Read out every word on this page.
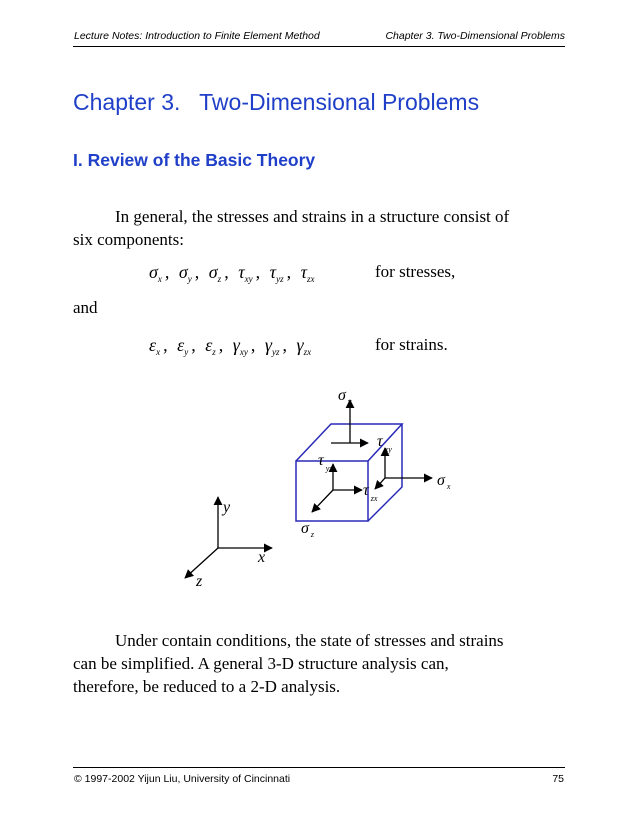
Lecture Notes: Introduction to Finite Element Method	Chapter 3. Two-Dimensional Problems
Chapter 3.   Two-Dimensional Problems
I. Review of the Basic Theory
In general, the stresses and strains in a structure consist of
six components:
$\sigma_x$ , $\sigma_y$ , $\sigma_z$ , $\tau_{xy}$ , $\tau_{yz}$ , $\tau_{zx}$	for stresses,
and
$\varepsilon_x$ , $\varepsilon_y$ , $\varepsilon_z$ , $\gamma_{xy}$ , $\gamma_{yz}$ , $\gamma_{zx}$	for strains.
y
x
z
σ $_y$
τ $_{xy}$
τ $_{yz}$
σ $_x$
τ $_{zx}$
σ $_z$
Under contain conditions, the state of stresses and strains
can be simplified. A general 3-D structure analysis can,
therefore, be reduced to a 2-D analysis.
© 1997-2002 Yijun Liu, University of Cincinnati	75
